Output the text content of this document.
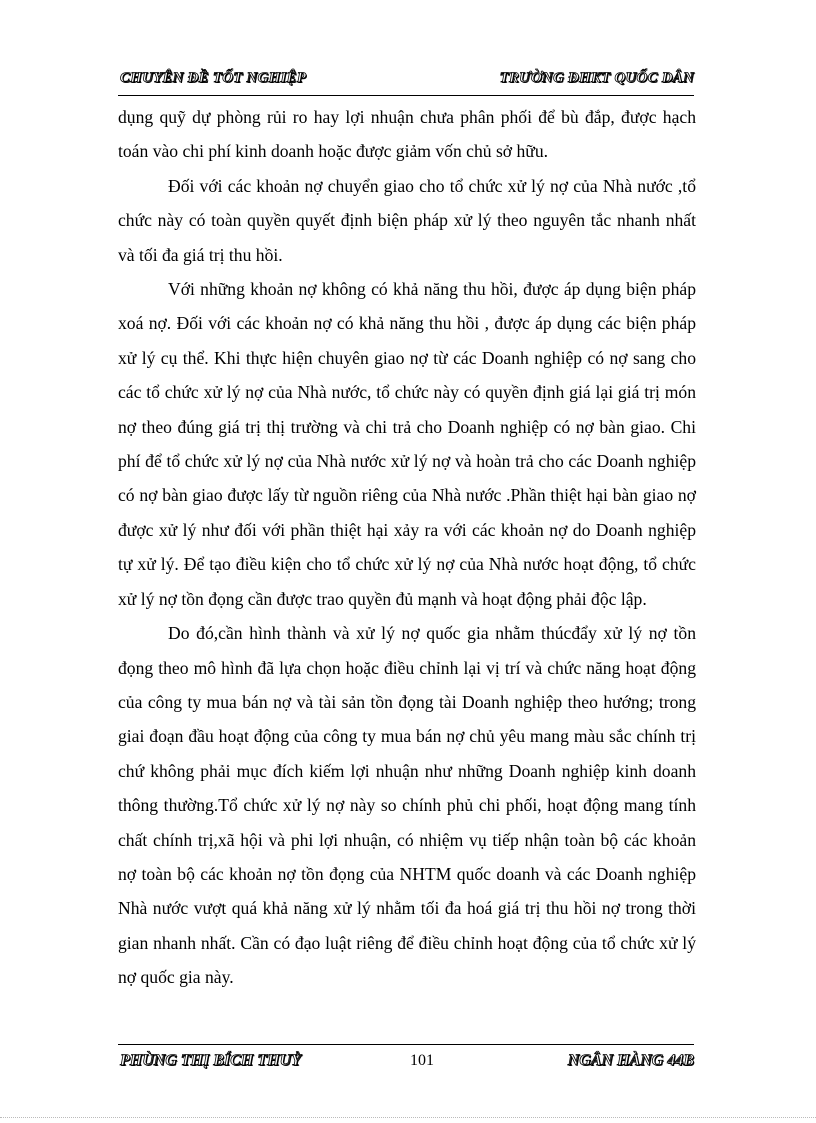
CHUYÊN ĐỀ TỐT NGHIỆP	TRƯỜNG ĐHKT QUỐC DÂN

dụng quỹ dự phòng rủi ro hay lợi nhuận chưa phân phối để bù đắp, được hạch toán vào chi phí kinh doanh hoặc được giảm vốn chủ sở hữu.

Đối với các khoản nợ chuyển giao cho tổ chức xử lý nợ của Nhà nước ,tổ chức này có toàn quyền quyết định biện pháp xử lý theo nguyên tắc nhanh nhất và tối đa giá trị thu hồi.

Với những khoản nợ không có khả năng thu hồi, được áp dụng biện pháp xoá nợ. Đối với các khoản nợ có khả năng thu hồi , được áp dụng các biện pháp xử lý cụ thể. Khi thực hiện chuyên giao nợ từ các Doanh nghiệp có nợ sang cho các tổ chức xử lý nợ của Nhà nước, tổ chức này có quyền định giá lại giá trị món nợ theo đúng giá trị thị trường và chi trả cho Doanh nghiệp có nợ bàn giao. Chi phí để tổ chức xử lý nợ của Nhà nước xử lý nợ và hoàn trả cho các Doanh nghiệp có nợ bàn giao được lấy từ nguồn riêng của Nhà nước .Phần thiệt hại bàn giao nợ được xử lý như đối với phần thiệt hại xảy ra với các khoản nợ do Doanh nghiệp tự xử lý. Để tạo điều kiện cho tổ chức xử lý nợ của Nhà nước hoạt động, tổ chức xử lý nợ tồn đọng cần được trao quyền đủ mạnh và hoạt động phải độc lập.

Do đó,cần hình thành và xử lý nợ quốc gia nhằm thúcđẩy xử lý nợ tồn đọng theo mô hình đã lựa chọn hoặc điều chỉnh lại vị trí và chức năng hoạt động của công ty mua bán nợ và tài sản tồn đọng tài Doanh nghiệp theo hướng; trong giai đoạn đầu hoạt động của công ty mua bán nợ chủ yêu mang màu sắc chính trị chứ không phải mục đích kiếm lợi nhuận như những Doanh nghiệp kinh doanh thông thường.Tổ chức xử lý nợ này so chính phủ chi phối, hoạt động mang tính chất chính trị,xã hội và phi lợi nhuận, có nhiệm vụ tiếp nhận toàn bộ các khoản nợ toàn bộ các khoản nợ tồn đọng của NHTM quốc doanh và các Doanh nghiệp Nhà nước vượt quá khả năng xử lý nhằm tối đa hoá giá trị thu hồi nợ trong thời gian nhanh nhất. Cần có đạo luật riêng để điều chỉnh hoạt động của tổ chức xử lý nợ quốc gia này.

PHÙNG THỊ BÍCH THUỶ	101	NGÂN HÀNG 44B
